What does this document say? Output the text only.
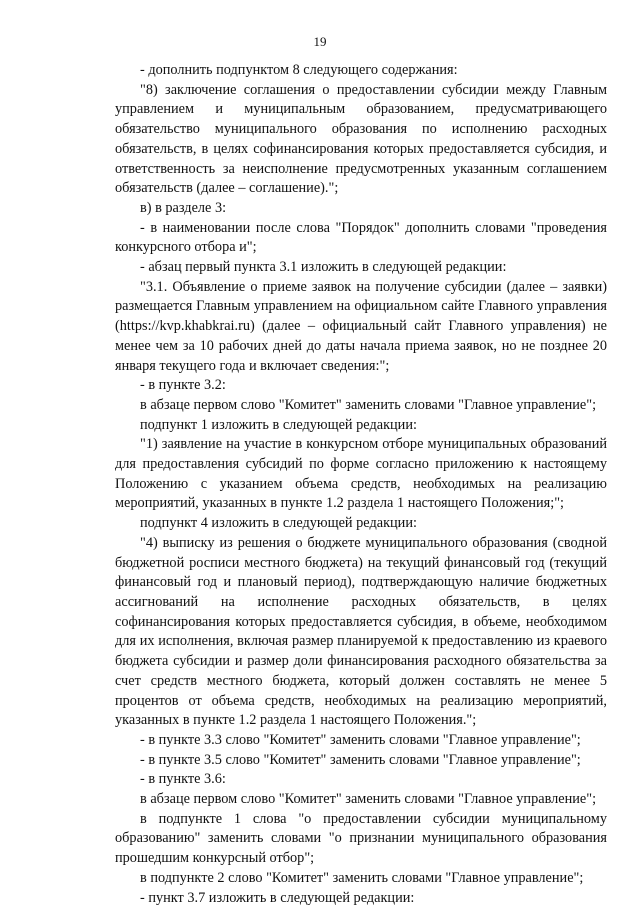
19

- дополнить подпунктом 8 следующего содержания:

"8) заключение соглашения о предоставлении субсидии между Главным управлением и муниципальным образованием, предусматривающего обязательство муниципального образования по исполнению расходных обязательств, в целях софинансирования которых предоставляется субсидия, и ответственность за неисполнение предусмотренных указанным соглашением обязательств (далее – соглашение).";

в) в разделе 3:

- в наименовании после слова "Порядок" дополнить словами "проведения конкурсного отбора и";

- абзац первый пункта 3.1 изложить в следующей редакции:

"3.1. Объявление о приеме заявок на получение субсидии (далее – заявки) размещается Главным управлением на официальном сайте Главного управления (https://kvp.khabkrai.ru) (далее – официальный сайт Главного управления) не менее чем за 10 рабочих дней до даты начала приема заявок, но не позднее 20 января текущего года и включает сведения:";

- в пункте 3.2:

в абзаце первом слово "Комитет" заменить словами "Главное управление";

подпункт 1 изложить в следующей редакции:

"1) заявление на участие в конкурсном отборе муниципальных образований для предоставления субсидий по форме согласно приложению к настоящему Положению с указанием объема средств, необходимых на реализацию мероприятий, указанных в пункте 1.2 раздела 1 настоящего Положения;";

подпункт 4 изложить в следующей редакции:

"4) выписку из решения о бюджете муниципального образования (сводной бюджетной росписи местного бюджета) на текущий финансовый год (текущий финансовый год и плановый период), подтверждающую наличие бюджетных ассигнований на исполнение расходных обязательств, в целях софинансирования которых предоставляется субсидия, в объеме, необходимом для их исполнения, включая размер планируемой к предоставлению из краевого бюджета субсидии и размер доли финансирования расходного обязательства за счет средств местного бюджета, который должен составлять не менее 5 процентов от объема средств, необходимых на реализацию мероприятий, указанных в пункте 1.2 раздела 1 настоящего Положения.";

- в пункте 3.3 слово "Комитет" заменить словами "Главное управление";

- в пункте 3.5 слово "Комитет" заменить словами "Главное управление";

- в пункте 3.6:

в абзаце первом слово "Комитет" заменить словами "Главное управление";

в подпункте 1 слова "о предоставлении субсидии муниципальному образованию" заменить словами "о признании муниципального образования прошедшим конкурсный отбор";

в подпункте 2 слово "Комитет" заменить словами "Главное управление";

- пункт 3.7 изложить в следующей редакции:
